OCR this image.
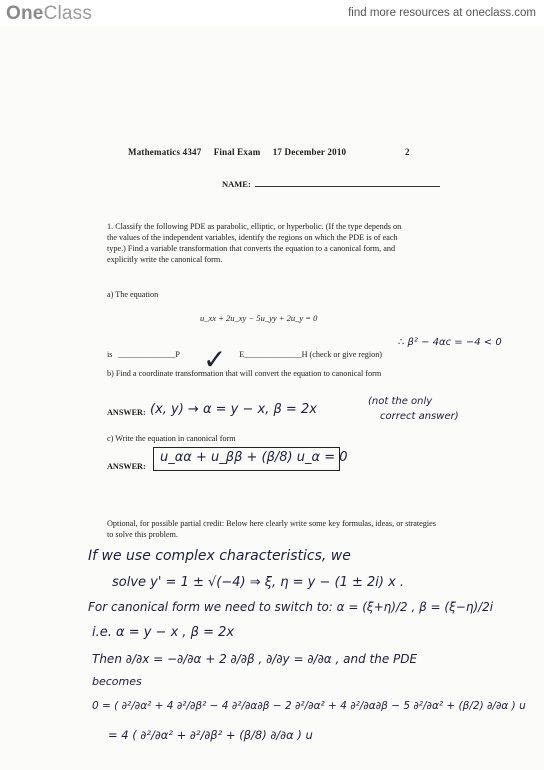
OneClass	find more resources at oneclass.com
Mathematics 4347 Final Exam 17 December 2010	2
NAME:
1. Classify the following PDE as parabolic, elliptic, or hyperbolic. (If the type depends on the values of the independent variables, identify the regions on which the PDE is of each type.) Find a variable transformation that converts the equation to a canonical form, and explicitly write the canonical form.
a) The equation
u_xx + 2u_xy − 5u_yy + 2u_y = 0
∴ β² − 4αc = −4 < 0
is ______________P	E______________H (check or give region)
✓
b) Find a coordinate transformation that will convert the equation to canonical form
ANSWER: (x, y) → α = y − x, β = 2x
(not the only
correct answer)
c) Write the equation in canonical form
ANSWER:
u_αα + u_ββ + (β/8) u_α = 0
Optional, for possible partial credit: Below here clearly write some key formulas, ideas, or strategies to solve this problem.
If we use complex characteristics, we
solve y' = 1 ± √(−4) ⇒ ξ, η = y − (1 ± 2i) x .
For canonical form we need to switch to: α = (ξ+η)/2 , β = (ξ−η)/2i
i.e. α = y − x , β = 2x
Then ∂/∂x = −∂/∂α + 2 ∂/∂β , ∂/∂y = ∂/∂α , and the PDE
becomes
0 = ( ∂²/∂α² + 4 ∂²/∂β² − 4 ∂²/∂α∂β − 2 ∂²/∂α² + 4 ∂²/∂α∂β − 5 ∂²/∂α² + (β/2) ∂/∂α ) u
= 4 ( ∂²/∂α² + ∂²/∂β² + (β/8) ∂/∂α ) u
